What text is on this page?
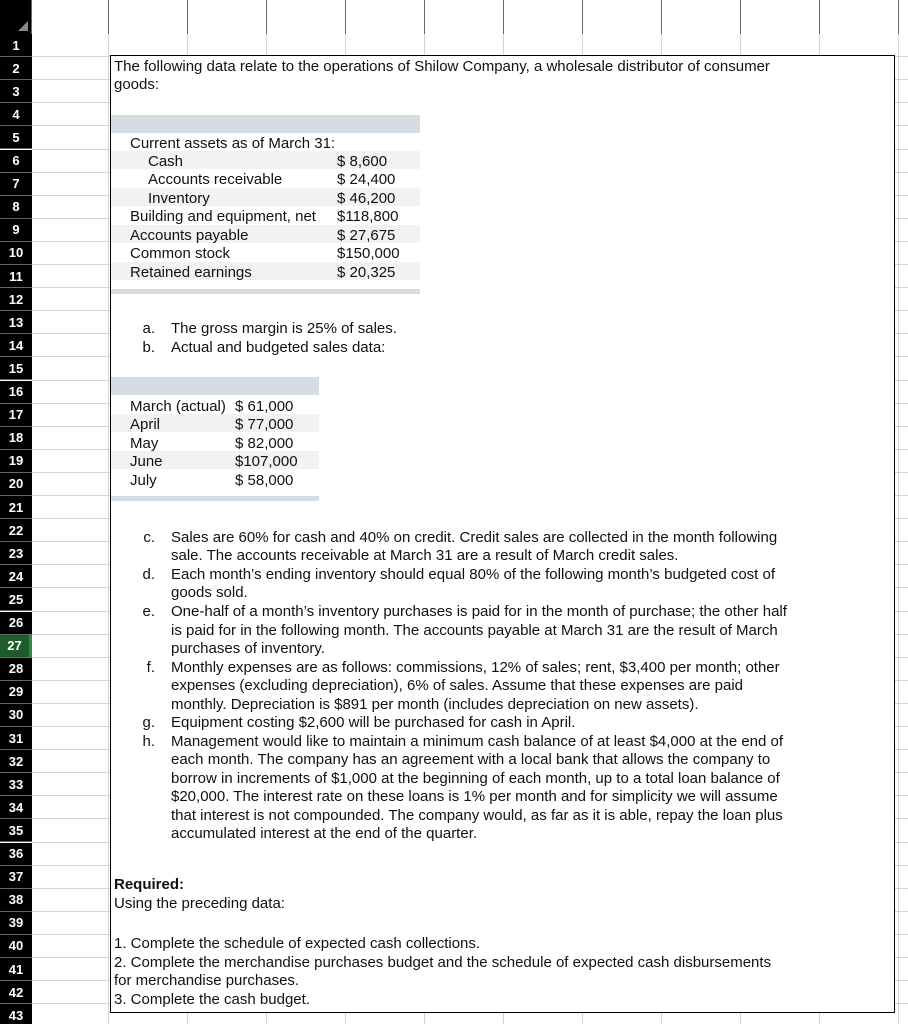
A	B	C	D	E	F	G	H	I	J	K
1
2
3
4
5
6
7
8
9
10
11
12
13
14
15
16
17
18
19
20
21
22
23
24
25
26
27
28
29
30
31
32
33
34
35
36
37
38
39
40
41
42
43
The following data relate to the operations of Shilow Company, a wholesale distributor of consumer
goods:
Current assets as of March 31:
Cash	$ 8,600
Accounts receivable	$ 24,400
Inventory	$ 46,200
Building and equipment, net $118,800
Accounts payable	$ 27,675
Common stock	$150,000
Retained earnings	$ 20,325
a. The gross margin is 25% of sales.
b. Actual and budgeted sales data:
March (actual) $ 61,000
April	$ 77,000
May	$ 82,000
June	$107,000
July	$ 58,000
c. Sales are 60% for cash and 40% on credit. Credit sales are collected in the month following
sale. The accounts receivable at March 31 are a result of March credit sales.
d. Each month’s ending inventory should equal 80% of the following month’s budgeted cost of
goods sold.
e. One-half of a month’s inventory purchases is paid for in the month of purchase; the other half
is paid for in the following month. The accounts payable at March 31 are the result of March
purchases of inventory.
f. Monthly expenses are as follows: commissions, 12% of sales; rent, $3,400 per month; other
expenses (excluding depreciation), 6% of sales. Assume that these expenses are paid
monthly. Depreciation is $891 per month (includes depreciation on new assets).
g. Equipment costing $2,600 will be purchased for cash in April.
h. Management would like to maintain a minimum cash balance of at least $4,000 at the end of
each month. The company has an agreement with a local bank that allows the company to
borrow in increments of $1,000 at the beginning of each month, up to a total loan balance of
$20,000. The interest rate on these loans is 1% per month and for simplicity we will assume
that interest is not compounded. The company would, as far as it is able, repay the loan plus
accumulated interest at the end of the quarter.
Required:
Using the preceding data:
1. Complete the schedule of expected cash collections.
2. Complete the merchandise purchases budget and the schedule of expected cash disbursements
for merchandise purchases.
3. Complete the cash budget.
